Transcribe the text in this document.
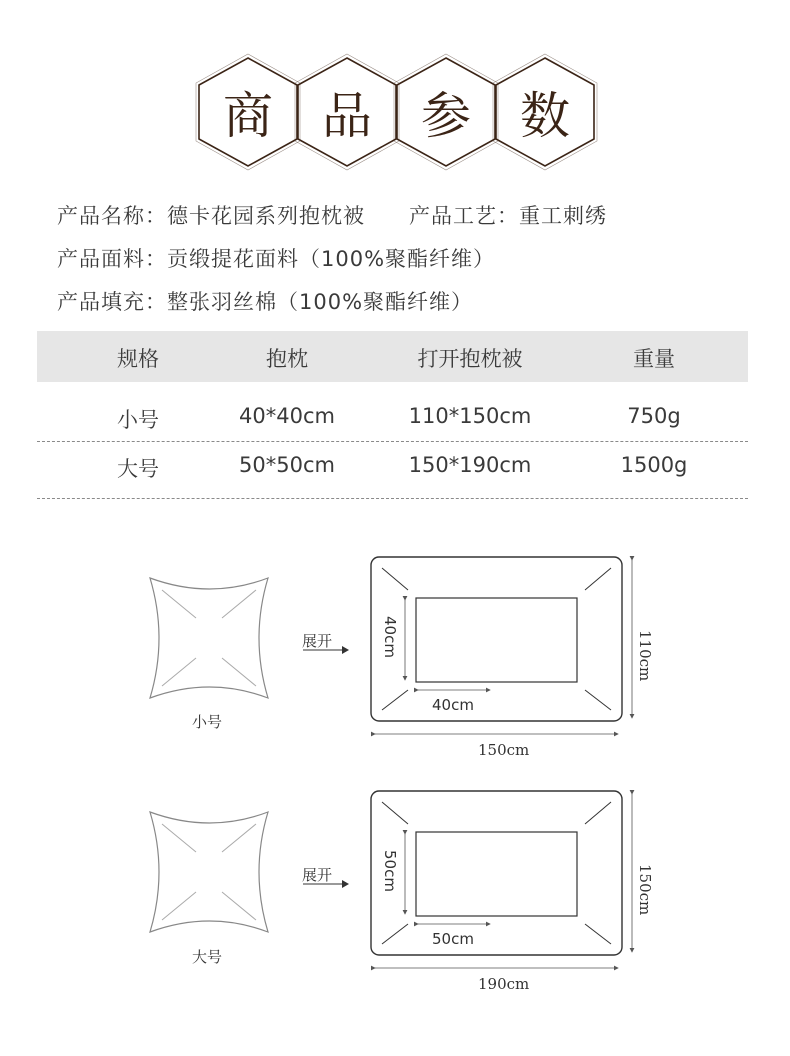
商 品 参 数
产品名称：德卡花园系列抱枕被 产品工艺：重工刺绣
产品面料：贡缎提花面料（100%聚酯纤维）
产品填充：整张羽丝棉（100%聚酯纤维）
规格	抱枕	打开抱枕被	重量
小号	40*40cm	110*150cm	750g
大号	50*50cm	150*190cm	1500g
小号
展开	40cm
40cm
110cm
150cm
大号
展开	50cm
50cm
150cm
190cm
